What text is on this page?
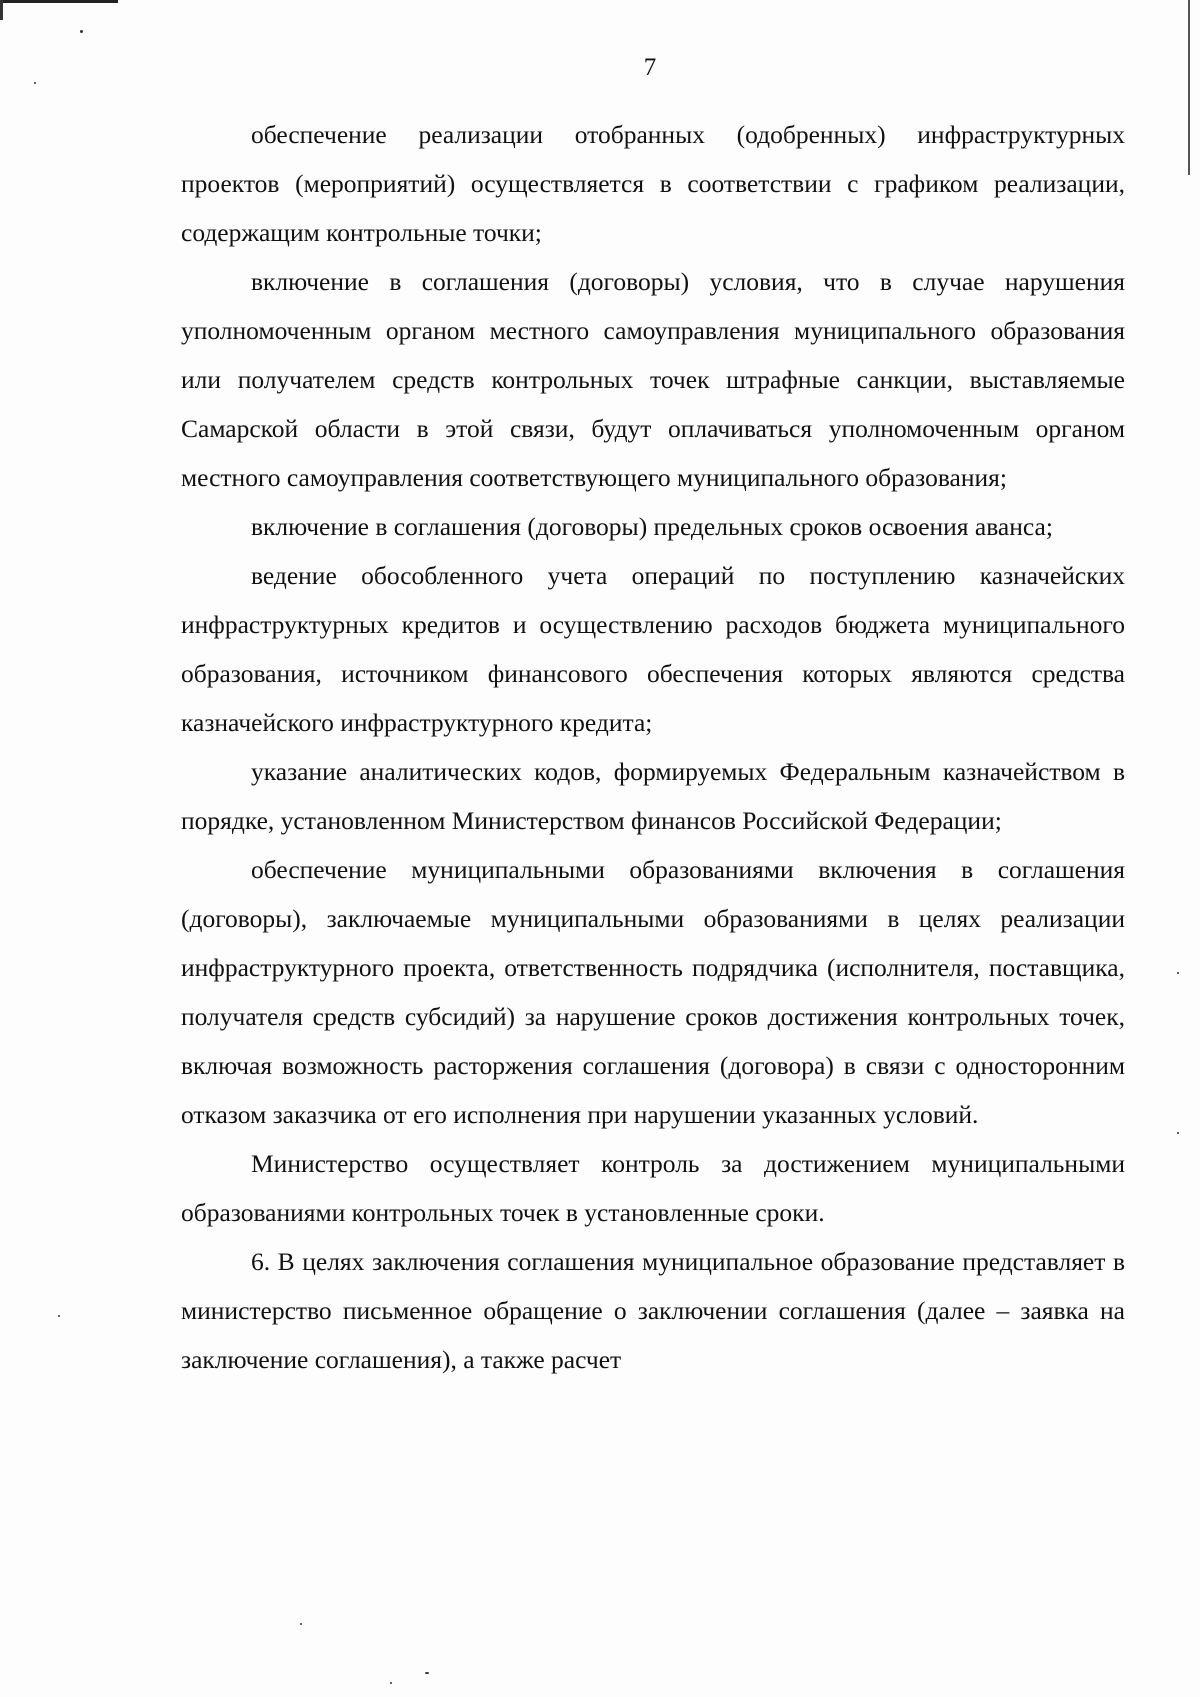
7

обеспечение реализации отобранных (одобренных) инфраструктурных проектов (мероприятий) осуществляется в соответствии с графиком реализации, содержащим контрольные точки;

включение в соглашения (договоры) условия, что в случае нарушения уполномоченным органом местного самоуправления муниципального образования или получателем средств контрольных точек штрафные санкции, выставляемые Самарской области в этой связи, будут оплачиваться уполномоченным органом местного самоуправления соответствующего муниципального образования;

включение в соглашения (договоры) предельных сроков освоения аванса;

ведение обособленного учета операций по поступлению казначейских инфраструктурных кредитов и осуществлению расходов бюджета муниципального образования, источником финансового обеспечения которых являются средства казначейского инфраструктурного кредита;

указание аналитических кодов, формируемых Федеральным казначейством в порядке, установленном Министерством финансов Российской Федерации;

обеспечение муниципальными образованиями включения в соглашения (договоры), заключаемые муниципальными образованиями в целях реализации инфраструктурного проекта, ответственность подрядчика (исполнителя, поставщика, получателя средств субсидий) за нарушение сроков достижения контрольных точек, включая возможность расторжения соглашения (договора) в связи с односторонним отказом заказчика от его исполнения при нарушении указанных условий.

Министерство осуществляет контроль за достижением муниципальными образованиями контрольных точек в установленные сроки.

6. В целях заключения соглашения муниципальное образование представляет в министерство письменное обращение о заключении соглашения (далее – заявка на заключение соглашения), а также расчет
